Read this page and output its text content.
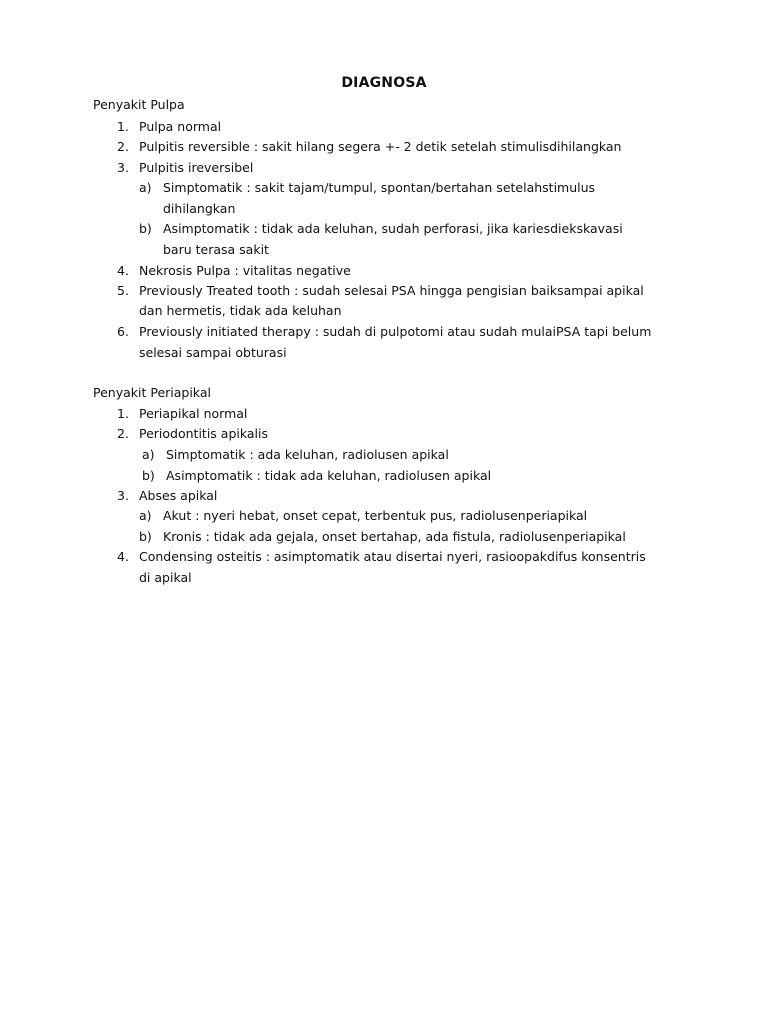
DIAGNOSA
Penyakit Pulpa
1. Pulpa normal
2. Pulpitis reversible : sakit hilang segera +- 2 detik setelah stimulisdihilangkan
3. Pulpitis ireversibel
a) Simptomatik : sakit tajam/tumpul, spontan/bertahan setelahstimulus
dihilangkan
b) Asimptomatik : tidak ada keluhan, sudah perforasi, jika kariesdiekskavasi
baru terasa sakit
4. Nekrosis Pulpa : vitalitas negative
5. Previously Treated tooth : sudah selesai PSA hingga pengisian baiksampai apikal
dan hermetis, tidak ada keluhan
6. Previously initiated therapy : sudah di pulpotomi atau sudah mulaiPSA tapi belum
selesai sampai obturasi
Penyakit Periapikal
1. Periapikal normal
2. Periodontitis apikalis
a) Simptomatik : ada keluhan, radiolusen apikal
b) Asimptomatik : tidak ada keluhan, radiolusen apikal
3. Abses apikal
a) Akut : nyeri hebat, onset cepat, terbentuk pus, radiolusenperiapikal
b) Kronis : tidak ada gejala, onset bertahap, ada fistula, radiolusenperiapikal
4. Condensing osteitis : asimptomatik atau disertai nyeri, rasioopakdifus konsentris
di apikal
